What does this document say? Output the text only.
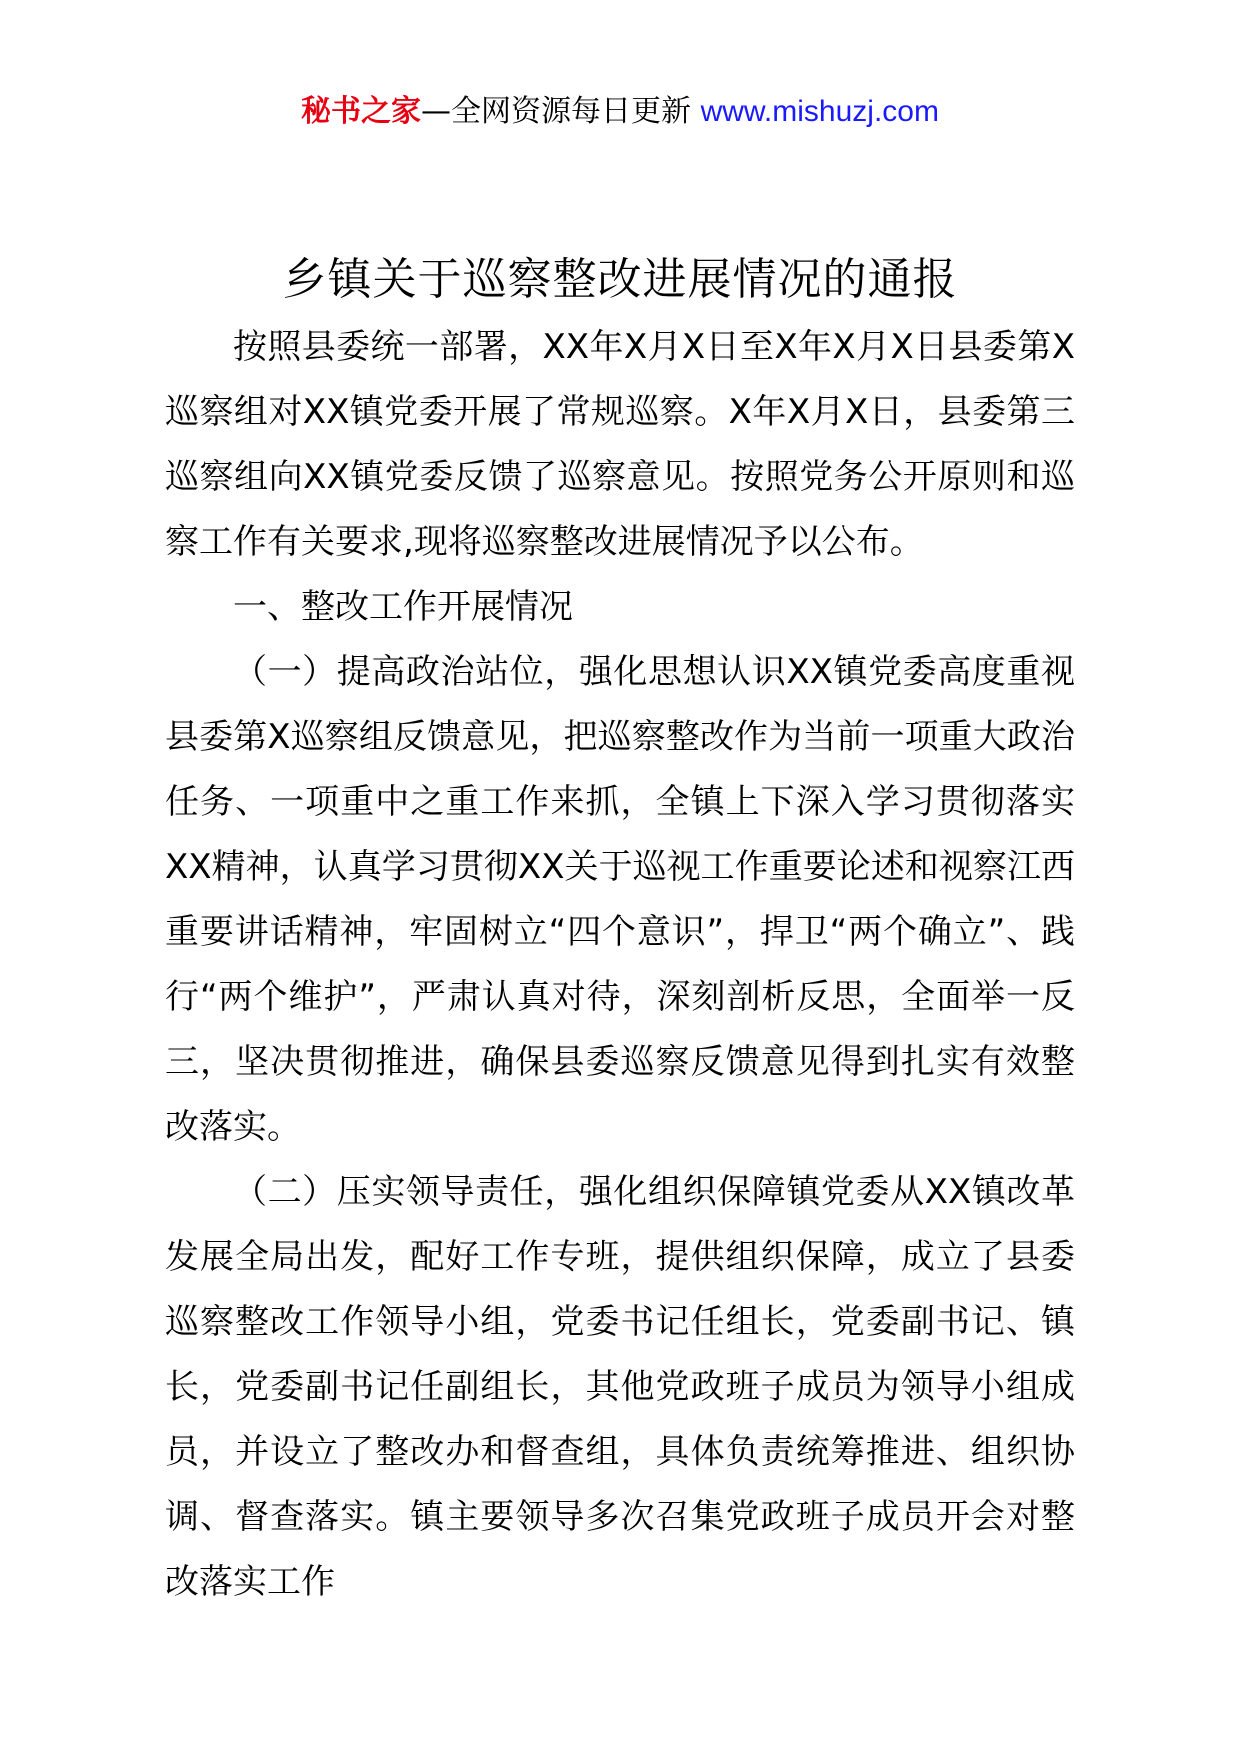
秘书之家—全网资源每日更新 www.mishuzj.com
乡镇关于巡察整改进展情况的通报

按照县委统一部署，XX年X月X日至X年X月X日县委第X巡察组对XX镇党委开展了常规巡察。X年X月X日，县委第三巡察组向XX镇党委反馈了巡察意见。按照党务公开原则和巡察工作有关要求,现将巡察整改进展情况予以公布。

一、整改工作开展情况

（一）提高政治站位，强化思想认识XX镇党委高度重视县委第X巡察组反馈意见，把巡察整改作为当前一项重大政治任务、一项重中之重工作来抓，全镇上下深入学习贯彻落实XX精神，认真学习贯彻XX关于巡视工作重要论述和视察江西重要讲话精神，牢固树立“四个意识”，捍卫“两个确立”、践行“两个维护”，严肃认真对待，深刻剖析反思，全面举一反三，坚决贯彻推进，确保县委巡察反馈意见得到扎实有效整改落实。

（二）压实领导责任，强化组织保障镇党委从XX镇改革发展全局出发，配好工作专班，提供组织保障，成立了县委巡察整改工作领导小组，党委书记任组长，党委副书记、镇长，党委副书记任副组长，其他党政班子成员为领导小组成员，并设立了整改办和督查组，具体负责统筹推进、组织协调、督查落实。镇主要领导多次召集党政班子成员开会对整改落实工作
